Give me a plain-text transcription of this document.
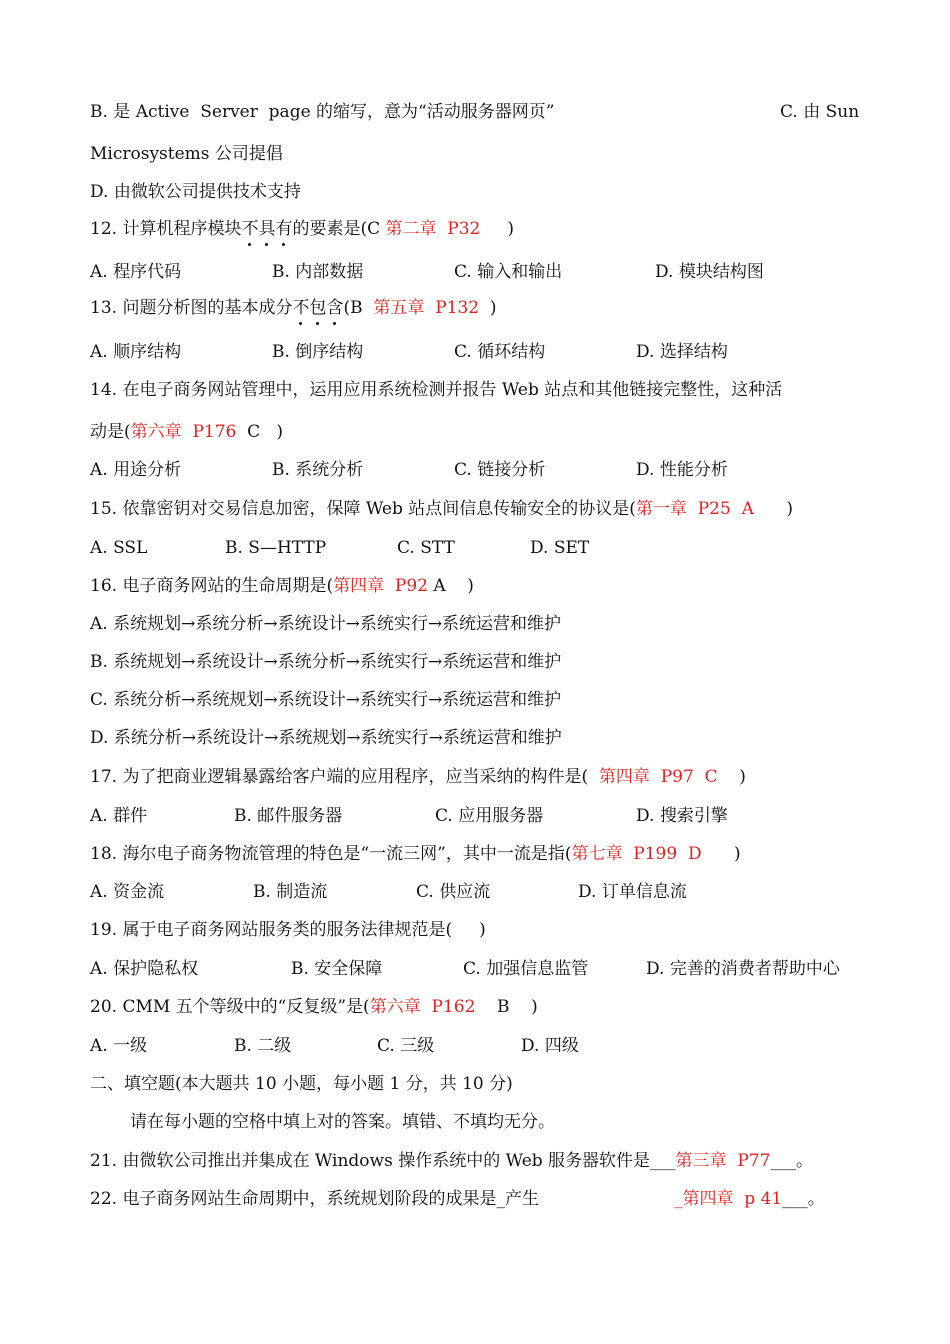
B. 是 Active  Server  page 的缩写，意为“活动服务器网页”	C. 由 Sun
Microsystems 公司提倡
D. 由微软公司提供技术支持
12. 计算机程序模块不具有的要素是(C 第二章  P32     )
A. 程序代码	B. 内部数据	C. 输入和输出	D. 模块结构图
13. 问题分析图的基本成分不包含(B  第五章  P132  )
A. 顺序结构	B. 倒序结构	C. 循环结构	D. 选择结构
14. 在电子商务网站管理中，运用应用系统检测并报告 Web 站点和其他链接完整性，这种活
动是(第六章  P176  C   )
A. 用途分析	B. 系统分析	C. 链接分析	D. 性能分析
15. 依靠密钥对交易信息加密，保障 Web 站点间信息传输安全的协议是(第一章  P25  A      )
A. SSL	B. S—HTTP	C. STT	D. SET
16. 电子商务网站的生命周期是(第四章  P92 A    )
A. 系统规划→系统分析→系统设计→系统实行→系统运营和维护
B. 系统规划→系统设计→系统分析→系统实行→系统运营和维护
C. 系统分析→系统规划→系统设计→系统实行→系统运营和维护
D. 系统分析→系统设计→系统规划→系统实行→系统运营和维护
17. 为了把商业逻辑暴露给客户端的应用程序，应当采纳的构件是(  第四章  P97  C    )
A. 群件	B. 邮件服务器	C. 应用服务器	D. 搜索引擎
18. 海尔电子商务物流管理的特色是“一流三网”，其中一流是指(第七章  P199  D      )
A. 资金流	B. 制造流	C. 供应流	D. 订单信息流
19. 属于电子商务网站服务类的服务法律规范是(     )
A. 保护隐私权	B. 安全保障	C. 加强信息监管	D. 完善的消费者帮助中心
20. CMM 五个等级中的“反复级”是(第六章  P162    B    )
A. 一级	B. 二级	C. 三级	D. 四级
二、填空题(本大题共 10 小题，每小题 1 分，共 10 分)
请在每小题的空格中填上对的答案。填错、不填均无分。
21. 由微软公司推出并集成在 Windows 操作系统中的 Web 服务器软件是___第三章  P77___。
22. 电子商务网站生命周期中，系统规划阶段的成果是_产生	_第四章  p 41___。
